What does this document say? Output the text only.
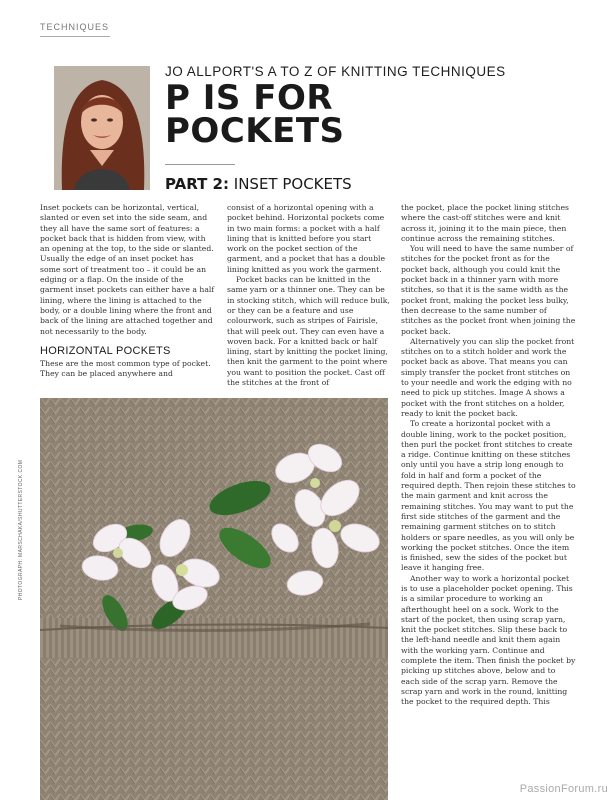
TECHNIQUES
JO ALLPORT'S A TO Z OF KNITTING TECHNIQUES
P IS FOR
POCKETS
PART 2: INSET POCKETS

Inset pockets can be horizontal, vertical, slanted or even set into the side seam, and they all have the same sort of features: a pocket back that is hidden from view, with an opening at the top, to the side or slanted. Usually the edge of an inset pocket has some sort of treatment too – it could be an edging or a flap. On the inside of the garment inset pockets can either have a half lining, where the lining is attached to the body, or a double lining where the front and back of the lining are attached together and not necessarily to the body.

HORIZONTAL POCKETS

These are the most common type of pocket. They can be placed anywhere and

consist of a horizontal opening with a pocket behind. Horizontal pockets come in two main forms: a pocket with a half lining that is knitted before you start work on the pocket section of the garment, and a pocket that has a double lining knitted as you work the garment.

Pocket backs can be knitted in the same yarn or a thinner one. They can be in stocking stitch, which will reduce bulk, or they can be a feature and use colourwork, such as stripes of Fairisle, that will peek out. They can even have a woven back. For a knitted back or half lining, start by knitting the pocket lining, then knit the garment to the point where you want to position the pocket. Cast off the stitches at the front of

the pocket, place the pocket lining stitches where the cast-off stitches were and knit across it, joining it to the main piece, then continue across the remaining stitches.

You will need to have the same number of stitches for the pocket front as for the pocket back, although you could knit the pocket back in a thinner yarn with more stitches, so that it is the same width as the pocket front, making the pocket less bulky, then decrease to the same number of stitches as the pocket front when joining the pocket back.

Alternatively you can slip the pocket front stitches on to a stitch holder and work the pocket back as above. That means you can simply transfer the pocket front stitches on to your needle and work the edging with no need to pick up stitches. Image A shows a pocket with the front stitches on a holder, ready to knit the pocket back.

To create a horizontal pocket with a double lining, work to the pocket position, then purl the pocket front stitches to create a ridge. Continue knitting on these stitches only until you have a strip long enough to fold in half and form a pocket of the required depth. Then rejoin these stitches to the main garment and knit across the remaining stitches. You may want to put the first side stitches of the garment and the remaining garment stitches on to stitch holders or spare needles, as you will only be working the pocket stitches. Once the item is finished, sew the sides of the pocket but leave it hanging free.

Another way to work a horizontal pocket is to use a placeholder pocket opening. This is a similar procedure to working an afterthought heel on a sock. Work to the start of the pocket, then using scrap yarn, knit the pocket stitches. Slip these back to the left-hand needle and knit them again with the working yarn. Continue and complete the item. Then finish the pocket by picking up stitches above, below and to each side of the scrap yarn. Remove the scrap yarn and work in the round, knitting the pocket to the required depth. This

PHOTOGRAPH: MARSCHAKA/SHUTTERSTOCK.COM
PassionForum.ru
